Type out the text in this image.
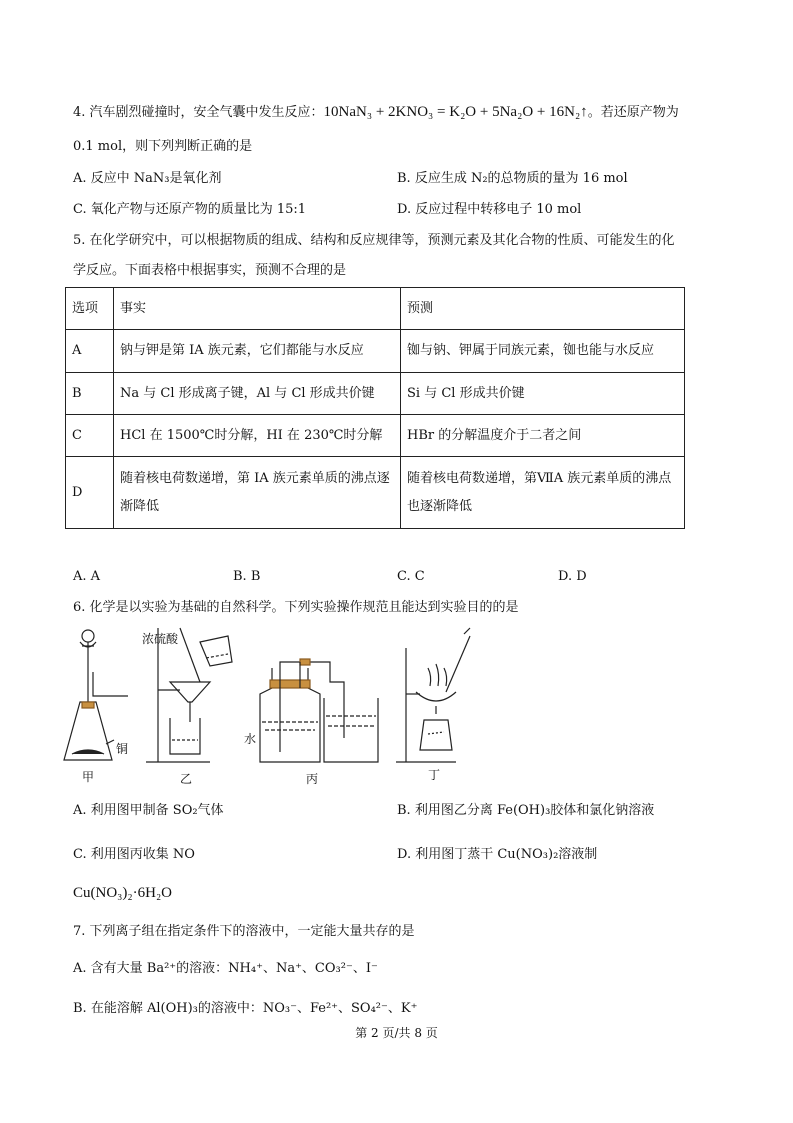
4. 汽车剧烈碰撞时，安全气囊中发生反应：10NaN₃ + 2KNO₃ = K₂O + 5Na₂O + 16N₂↑。若还原产物为
0.1 mol，则下列判断正确的是
A. 反应中 NaN₃是氧化剂	B. 反应生成 N₂的总物质的量为 16 mol
C. 氧化产物与还原产物的质量比为 15:1	D. 反应过程中转移电子 10 mol
5. 在化学研究中，可以根据物质的组成、结构和反应规律等，预测元素及其化合物的性质、可能发生的化
学反应。下面表格中根据事实，预测不合理的是
选项	事实	预测
A	钠与钾是第 IA 族元素，它们都能与水反应	铷与钠、钾属于同族元素，铷也能与水反应
B	Na 与 Cl 形成离子键，Al 与 Cl 形成共价键	Si 与 Cl 形成共价键
C	HCl 在 1500℃时分解，HI 在 230℃时分解	HBr 的分解温度介于二者之间
D	随着核电荷数递增，第 IA 族元素单质的沸点逐渐降低	随着核电荷数递增，第ⅦA 族元素单质的沸点也逐渐降低
A. A	B. B	C. C	D. D
6. 化学是以实验为基础的自然科学。下列实验操作规范且能达到实验目的的是
浓硫酸
铜
水
甲	乙	丙	丁
A. 利用图甲制备 SO₂气体	B. 利用图乙分离 Fe(OH)₃胶体和氯化钠溶液
C. 利用图丙收集 NO	D. 利用图丁蒸干 Cu(NO₃)₂溶液制
Cu(NO₃)₂·6H₂O
7. 下列离子组在指定条件下的溶液中，一定能大量共存的是
A. 含有大量 Ba²⁺的溶液：NH₄⁺、Na⁺、CO₃²⁻、I⁻
B. 在能溶解 Al(OH)₃的溶液中：NO₃⁻、Fe²⁺、SO₄²⁻、K⁺
第 2 页/共 8 页
